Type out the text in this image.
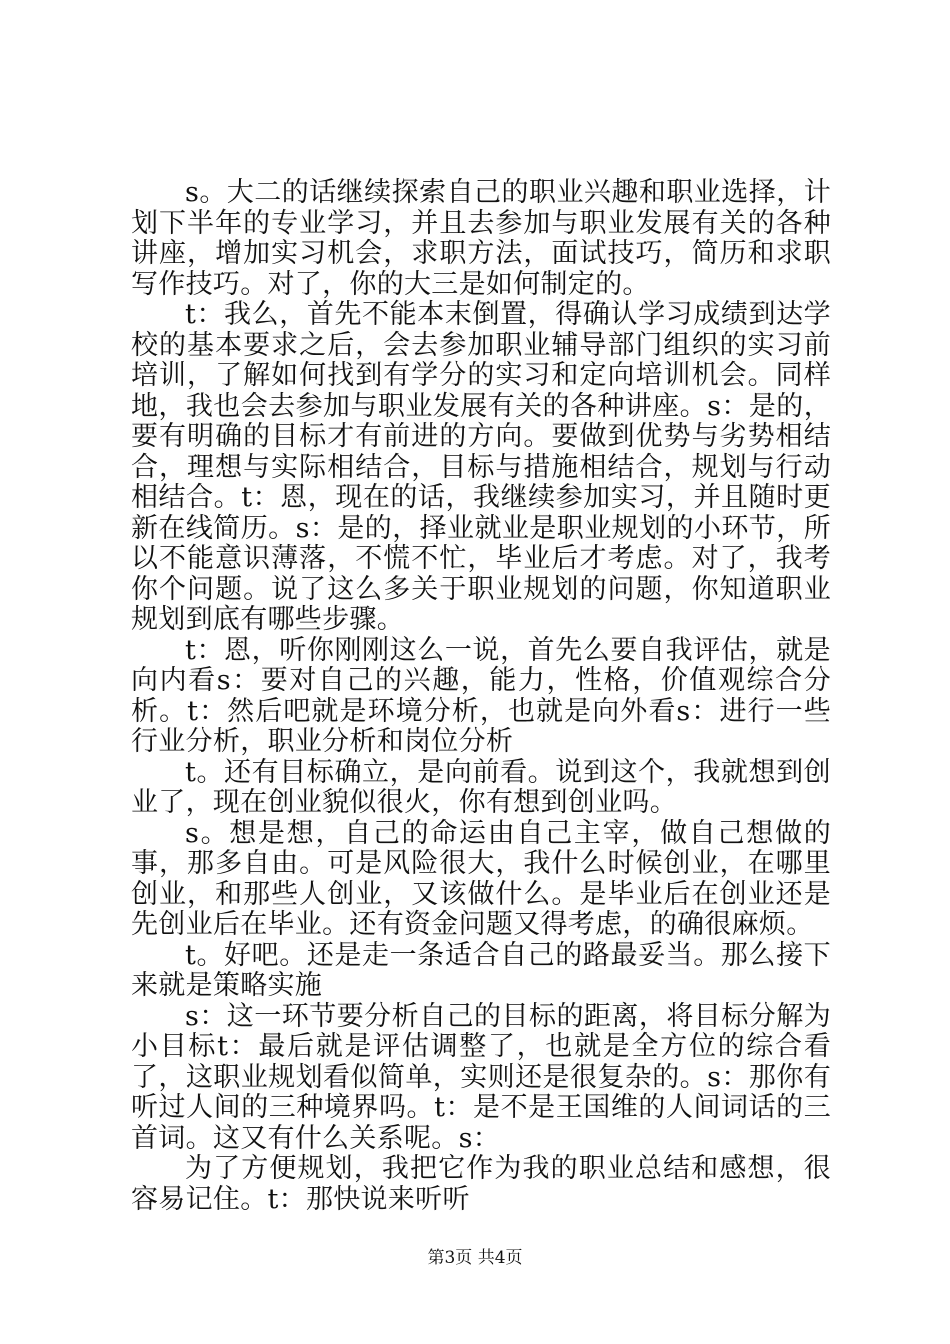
s。大二的话继续探索自己的职业兴趣和职业选择，计划下半年的专业学习，并且去参加与职业发展有关的各种讲座，增加实习机会，求职方法，面试技巧，简历和求职写作技巧。对了，你的大三是如何制定的。

t：我么，首先不能本末倒置，得确认学习成绩到达学校的基本要求之后，会去参加职业辅导部门组织的实习前培训，了解如何找到有学分的实习和定向培训机会。同样地，我也会去参加与职业发展有关的各种讲座。s：是的，要有明确的目标才有前进的方向。要做到优势与劣势相结合，理想与实际相结合，目标与措施相结合，规划与行动相结合。t：恩，现在的话，我继续参加实习，并且随时更新在线简历。s：是的，择业就业是职业规划的小环节，所以不能意识薄落，不慌不忙，毕业后才考虑。对了，我考你个问题。说了这么多关于职业规划的问题，你知道职业规划到底有哪些步骤。

t：恩，听你刚刚这么一说，首先么要自我评估，就是向内看s：要对自己的兴趣，能力，性格，价值观综合分析。t：然后吧就是环境分析，也就是向外看s：进行一些行业分析，职业分析和岗位分析

t。还有目标确立，是向前看。说到这个，我就想到创业了，现在创业貌似很火，你有想到创业吗。

s。想是想，自己的命运由自己主宰，做自己想做的事，那多自由。可是风险很大，我什么时候创业，在哪里创业，和那些人创业，又该做什么。是毕业后在创业还是先创业后在毕业。还有资金问题又得考虑，的确很麻烦。

t。好吧。还是走一条适合自己的路最妥当。那么接下来就是策略实施

s：这一环节要分析自己的目标的距离，将目标分解为小目标t：最后就是评估调整了，也就是全方位的综合看了，这职业规划看似简单，实则还是很复杂的。s：那你有听过人间的三种境界吗。t：是不是王国维的人间词话的三首词。这又有什么关系呢。s：

为了方便规划，我把它作为我的职业总结和感想，很容易记住。t：那快说来听听

第3页 共4页
